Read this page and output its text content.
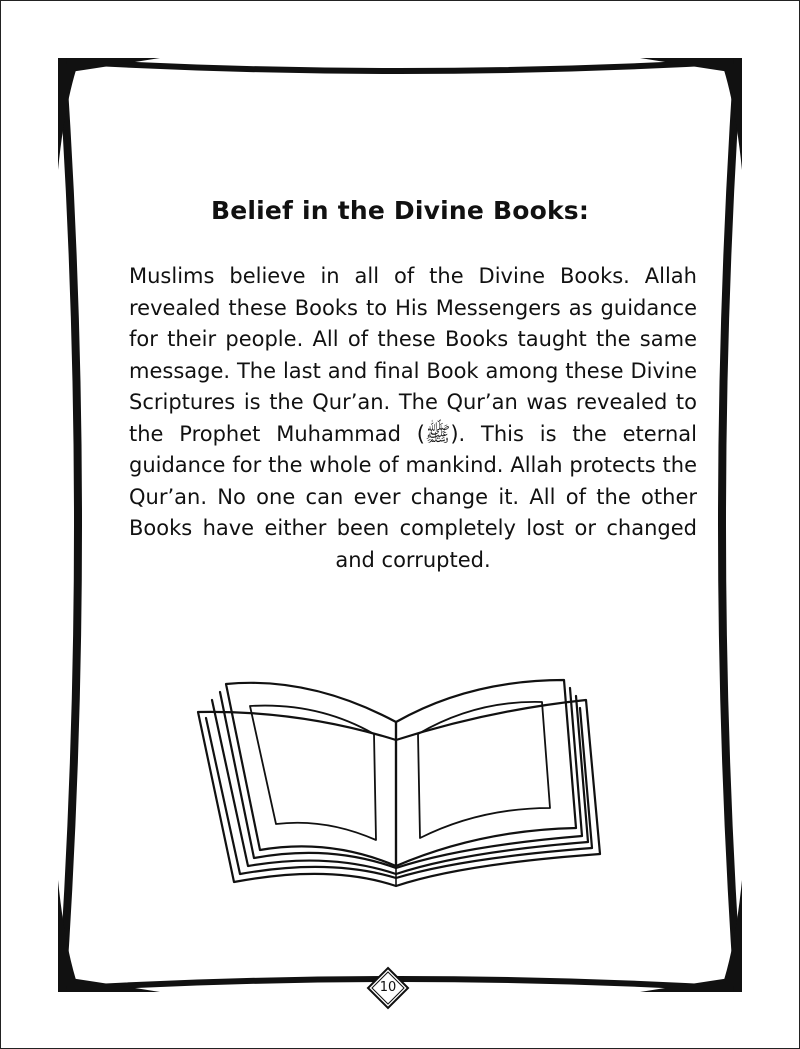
Belief in the Divine Books:
Muslims believe in all of the Divine Books. Allah revealed these Books to His Messengers as guidance for their people. All of these Books taught the same message. The last and final Book among these Divine Scriptures is the Qur’an. The Qur’an was revealed to the Prophet Muhammad (ﷺ). This is the eternal guidance for the whole of mankind. Allah protects the Qur’an. No one can ever change it. All of the other Books have either been completely lost or changed and corrupted.
10
